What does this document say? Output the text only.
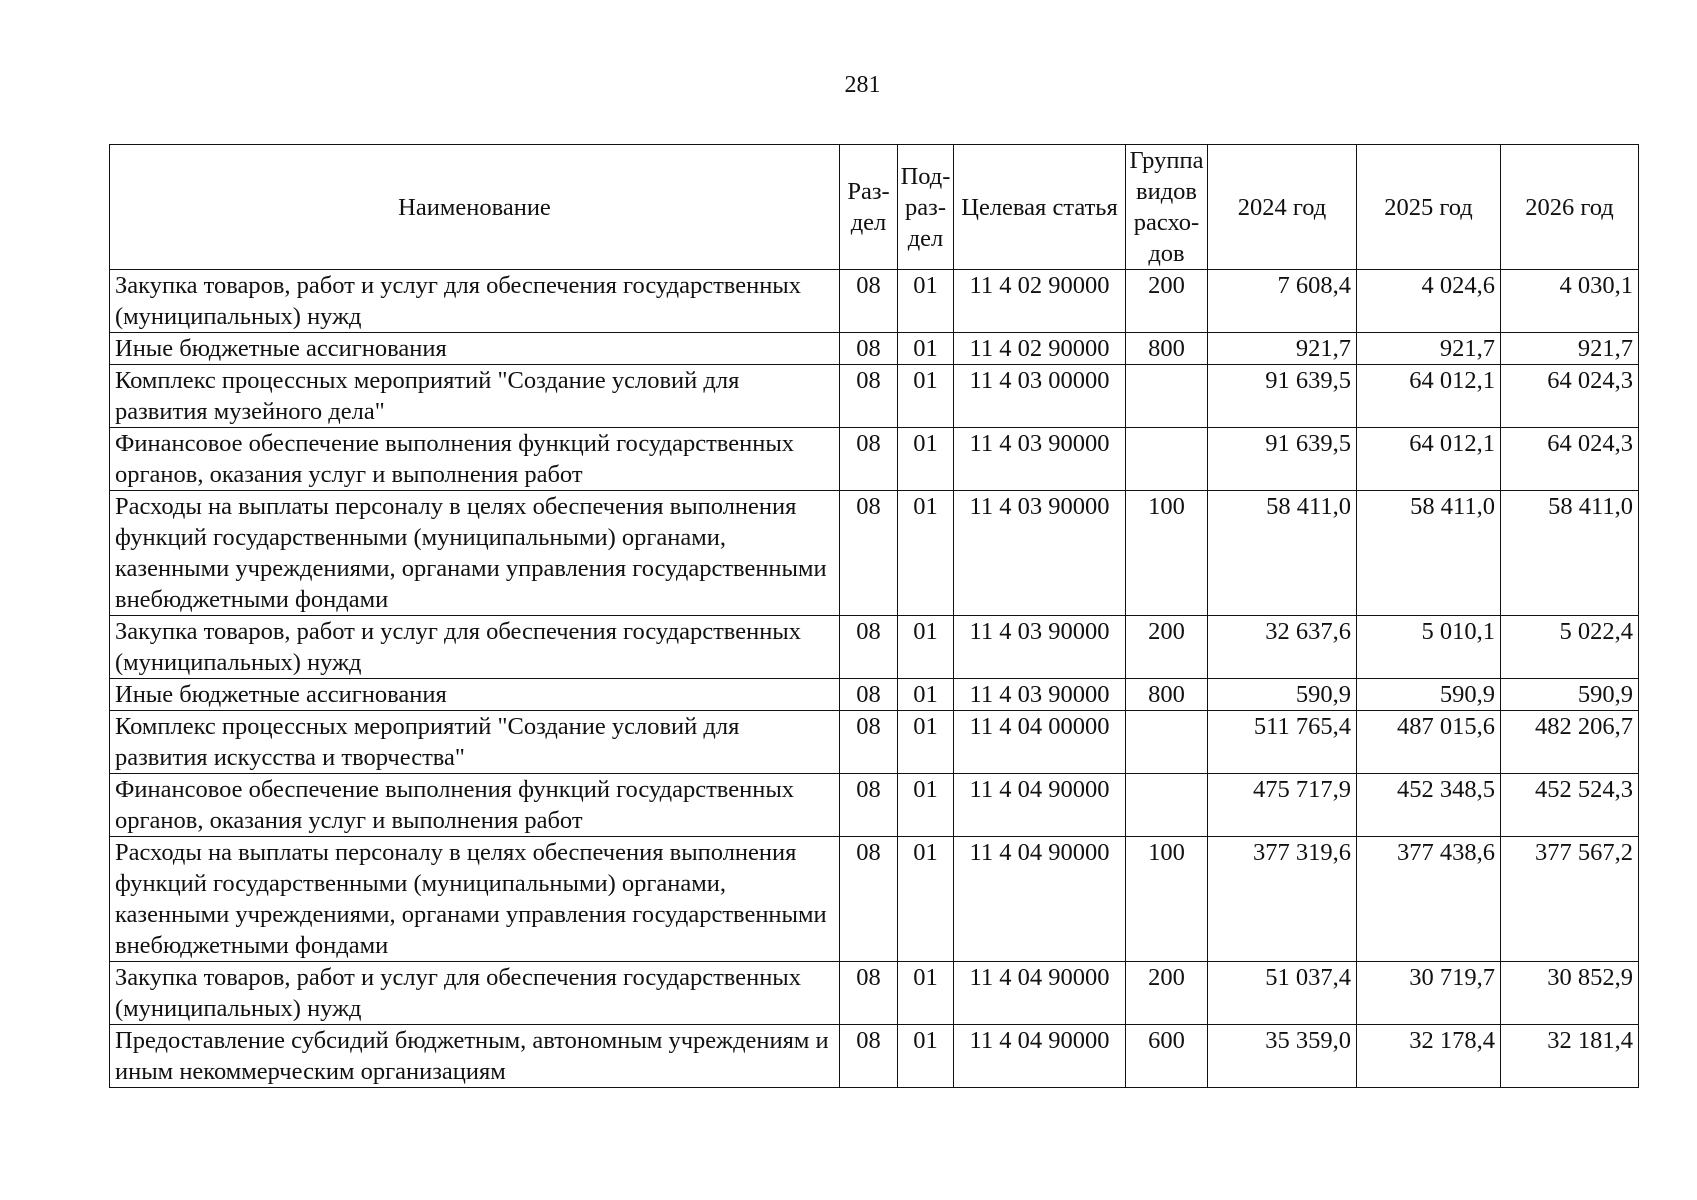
281
Наименование	Раз-дел	Под-раз-дел	Целевая статья	Группа видов расхо-дов	2024 год	2025 год	2026 год
Закупка товаров, работ и услуг для обеспечения государственных (муниципальных) нужд	08	01	11 4 02 90000	200	7 608,4	4 024,6	4 030,1
Иные бюджетные ассигнования	08	01	11 4 02 90000	800	921,7	921,7	921,7
Комплекс процессных мероприятий "Создание условий для развития музейного дела"	08	01	11 4 03 00000		91 639,5	64 012,1	64 024,3
Финансовое обеспечение выполнения функций государственных органов, оказания услуг и выполнения работ	08	01	11 4 03 90000		91 639,5	64 012,1	64 024,3
Расходы на выплаты персоналу в целях обеспечения выполнения функций государственными (муниципальными) органами, казенными учреждениями, органами управления государственными внебюджетными фондами	08	01	11 4 03 90000	100	58 411,0	58 411,0	58 411,0
Закупка товаров, работ и услуг для обеспечения государственных (муниципальных) нужд	08	01	11 4 03 90000	200	32 637,6	5 010,1	5 022,4
Иные бюджетные ассигнования	08	01	11 4 03 90000	800	590,9	590,9	590,9
Комплекс процессных мероприятий "Создание условий для развития искусства и творчества"	08	01	11 4 04 00000		511 765,4	487 015,6	482 206,7
Финансовое обеспечение выполнения функций государственных органов, оказания услуг и выполнения работ	08	01	11 4 04 90000		475 717,9	452 348,5	452 524,3
Расходы на выплаты персоналу в целях обеспечения выполнения функций государственными (муниципальными) органами, казенными учреждениями, органами управления государственными внебюджетными фондами	08	01	11 4 04 90000	100	377 319,6	377 438,6	377 567,2
Закупка товаров, работ и услуг для обеспечения государственных (муниципальных) нужд	08	01	11 4 04 90000	200	51 037,4	30 719,7	30 852,9
Предоставление субсидий бюджетным, автономным учреждениям и иным некоммерческим организациям	08	01	11 4 04 90000	600	35 359,0	32 178,4	32 181,4
